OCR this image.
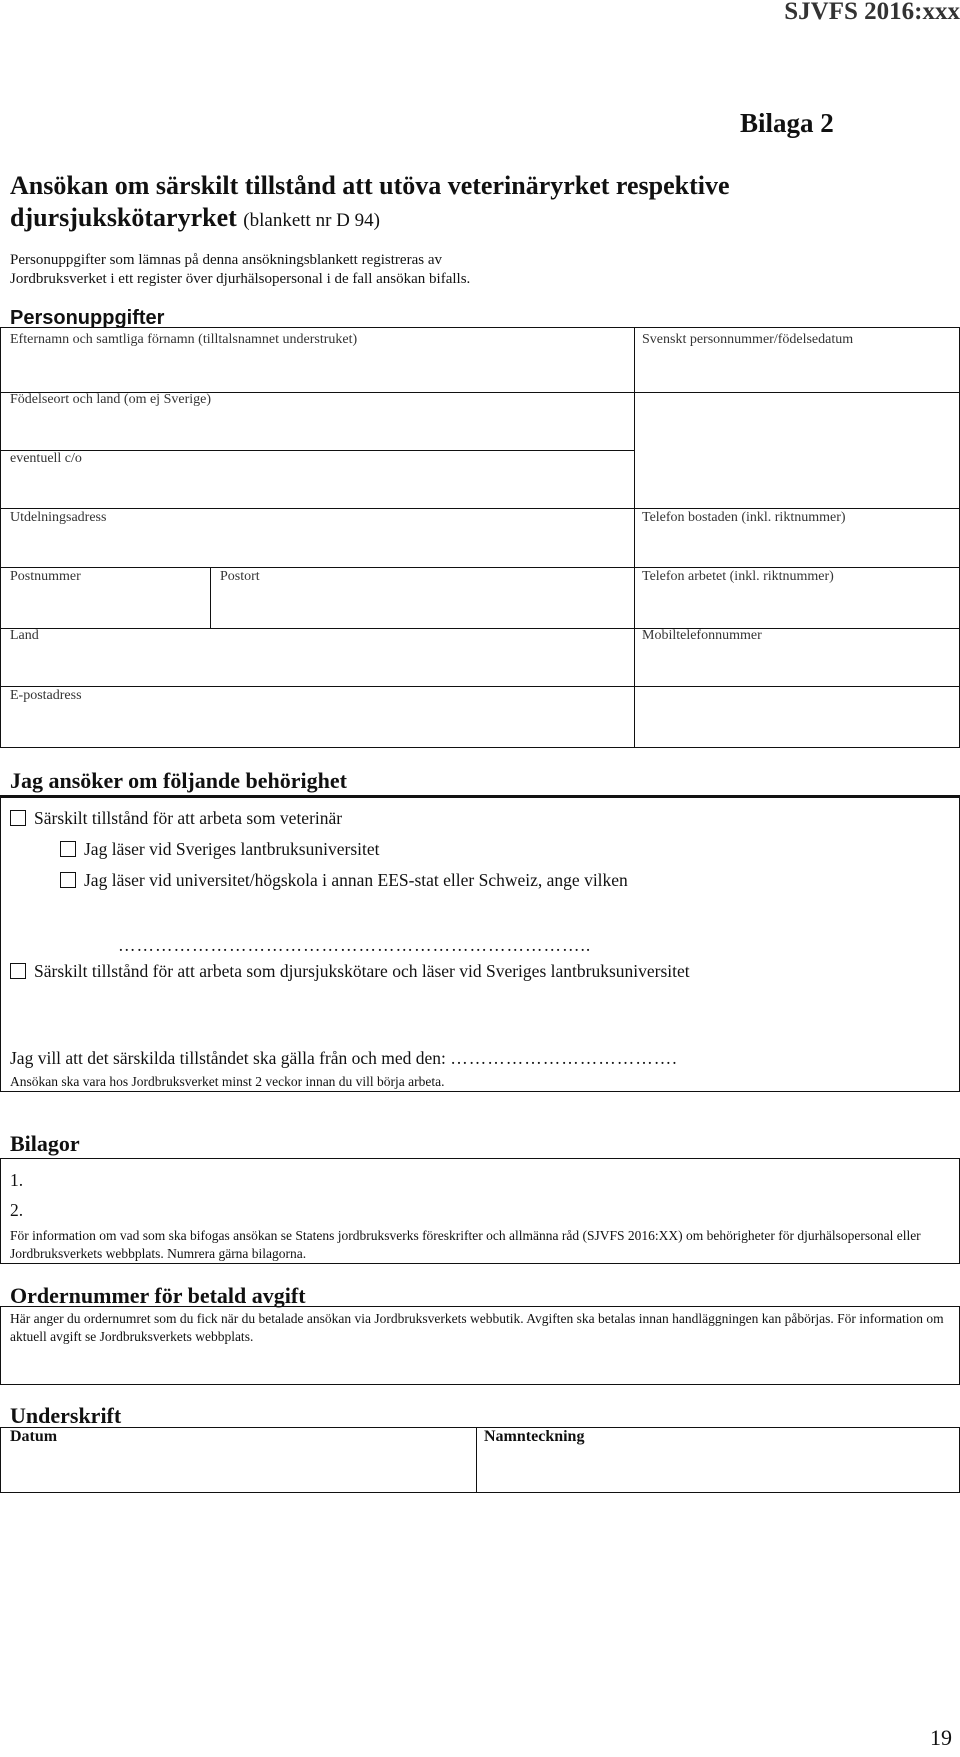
SJVFS 2016:xxx
Bilaga 2
Ansökan om särskilt tillstånd att utöva veterinäryrket respektive djursjukskötaryrket (blankett nr D 94)
Personuppgifter som lämnas på denna ansökningsblankett registreras av Jordbruksverket i ett register över djurhälsopersonal i de fall ansökan bifalls.
Personuppgifter
Efternamn och samtliga förnamn (tilltalsnamnet understruket)	Svenskt personnummer/födelsedatum
Födelseort och land (om ej Sverige)
eventuell c/o
Utdelningsadress	Telefon bostaden (inkl. riktnummer)
Postnummer	Postort	Telefon arbetet (inkl. riktnummer)
Land	Mobiltelefonnummer
E-postadress
Jag ansöker om följande behörighet
Särskilt tillstånd för att arbeta som veterinär
Jag läser vid Sveriges lantbruksuniversitet
Jag läser vid universitet/högskola i annan EES-stat eller Schweiz, ange vilken
…………………………………………………………………..
Särskilt tillstånd för att arbeta som djursjukskötare och läser vid Sveriges lantbruksuniversitet
Jag vill att det särskilda tillståndet ska gälla från och med den: ……………………………….
Ansökan ska vara hos Jordbruksverket minst 2 veckor innan du vill börja arbeta.
Bilagor
1.
2.
För information om vad som ska bifogas ansökan se Statens jordbruksverks föreskrifter och allmänna råd (SJVFS 2016:XX) om behörigheter för djurhälsopersonal eller Jordbruksverkets webbplats. Numrera gärna bilagorna.
Ordernummer för betald avgift
Här anger du ordernumret som du fick när du betalade ansökan via Jordbruksverkets webbutik. Avgiften ska betalas innan handläggningen kan påbörjas. För information om aktuell avgift se Jordbruksverkets webbplats.
Underskrift
Datum	Namnteckning
19
